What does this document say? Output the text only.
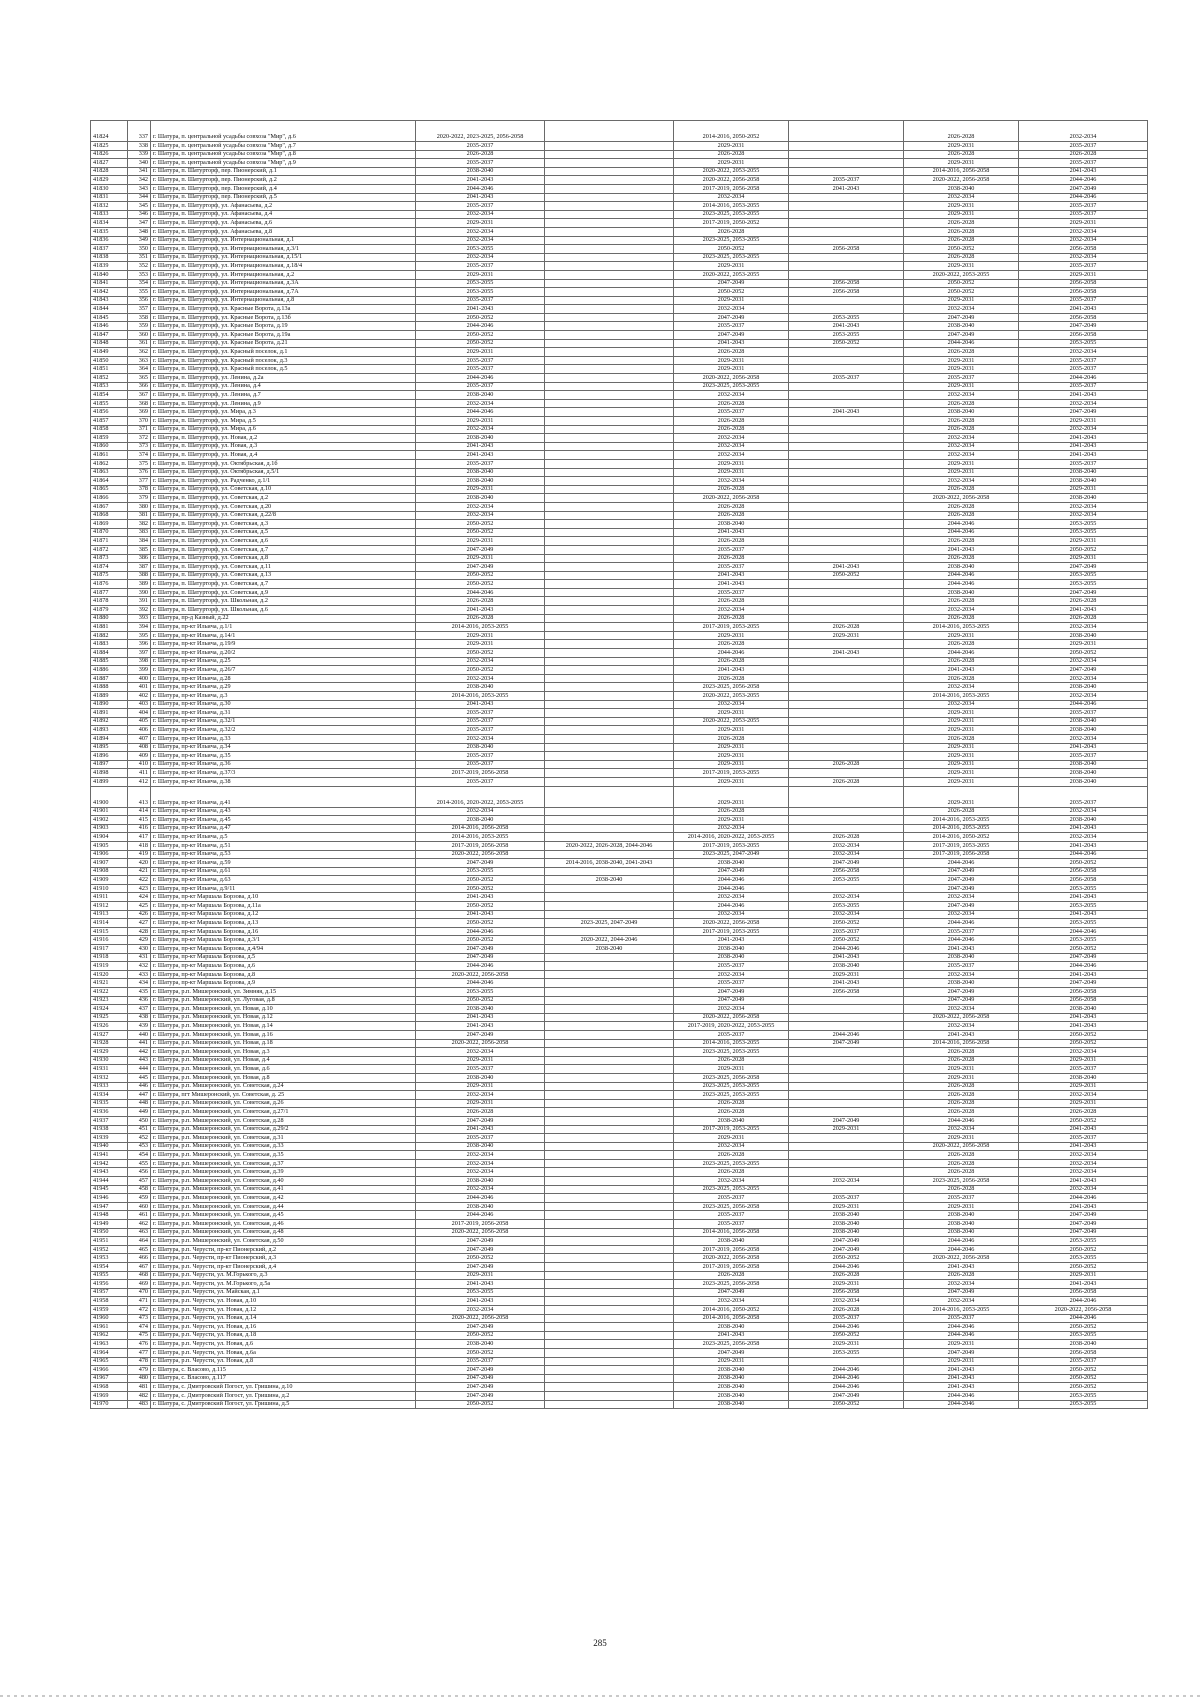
41824	337	г. Шатура, п. центральной усадьбы совхоза "Мир", д.6	2020-2022, 2023-2025, 2056-2058		2014-2016, 2050-2052		2026-2028	2032-2034
41825	338	г. Шатура, п. центральной усадьбы совхоза "Мир", д.7	2035-2037		2029-2031		2029-2031	2035-2037
41826	339	г. Шатура, п. центральной усадьбы совхоза "Мир", д.8	2026-2028		2026-2028		2026-2028	2026-2028
41827	340	г. Шатура, п. центральной усадьбы совхоза "Мир", д.9	2035-2037		2029-2031		2029-2031	2035-2037
41828	341	г. Шатура, п. Шатурторф, пер. Пионерский, д.1	2038-2040		2020-2022, 2053-2055		2014-2016, 2056-2058	2041-2043
41829	342	г. Шатура, п. Шатурторф, пер. Пионерский, д.2	2041-2043		2020-2022, 2056-2058	2035-2037	2020-2022, 2056-2058	2044-2046
41830	343	г. Шатура, п. Шатурторф, пер. Пионерский, д.4	2044-2046		2017-2019, 2056-2058	2041-2043	2038-2040	2047-2049
41831	344	г. Шатура, п. Шатурторф, пер. Пионерский, д.5	2041-2043		2032-2034		2032-2034	2044-2046
41832	345	г. Шатура, п. Шатурторф, ул. Афанасьева, д.2	2035-2037		2014-2016, 2053-2055		2029-2031	2035-2037
41833	346	г. Шатура, п. Шатурторф, ул. Афанасьева, д.4	2032-2034		2023-2025, 2053-2055		2029-2031	2035-2037
41834	347	г. Шатура, п. Шатурторф, ул. Афанасьева, д.6	2029-2031		2017-2019, 2050-2052		2026-2028	2029-2031
41835	348	г. Шатура, п. Шатурторф, ул. Афанасьева, д.8	2032-2034		2026-2028		2026-2028	2032-2034
41836	349	г. Шатура, п. Шатурторф, ул. Интернациональная, д.1	2032-2034		2023-2025, 2053-2055		2026-2028	2032-2034
41837	350	г. Шатура, п. Шатурторф, ул. Интернациональная, д.3/1	2053-2055		2050-2052	2056-2058	2050-2052	2056-2058
41838	351	г. Шатура, п. Шатурторф, ул. Интернациональная, д.15/1	2032-2034		2023-2025, 2053-2055		2026-2028	2032-2034
41839	352	г. Шатура, п. Шатурторф, ул. Интернациональная, д.18/4	2035-2037		2029-2031		2029-2031	2035-2037
41840	353	г. Шатура, п. Шатурторф, ул. Интернациональная, д.2	2029-2031		2020-2022, 2053-2055		2020-2022, 2053-2055	2029-2031
41841	354	г. Шатура, п. Шатурторф, ул. Интернациональная, д.3А	2053-2055		2047-2049	2056-2058	2050-2052	2056-2058
41842	355	г. Шатура, п. Шатурторф, ул. Интернациональная, д.7А	2053-2055		2050-2052	2056-2058	2050-2052	2056-2058
41843	356	г. Шатура, п. Шатурторф, ул. Интернациональная, д.8	2035-2037		2029-2031		2029-2031	2035-2037
41844	357	г. Шатура, п. Шатурторф, ул. Красные Ворота, д.13а	2041-2043		2032-2034		2032-2034	2041-2043
41845	358	г. Шатура, п. Шатурторф, ул. Красные Ворота, д.13б	2050-2052		2047-2049	2053-2055	2047-2049	2056-2058
41846	359	г. Шатура, п. Шатурторф, ул. Красные Ворота, д.19	2044-2046		2035-2037	2041-2043	2038-2040	2047-2049
41847	360	г. Шатура, п. Шатурторф, ул. Красные Ворота, д.19а	2050-2052		2047-2049	2053-2055	2047-2049	2056-2058
41848	361	г. Шатура, п. Шатурторф, ул. Красные Ворота, д.21	2050-2052		2041-2043	2050-2052	2044-2046	2053-2055
41849	362	г. Шатура, п. Шатурторф, ул. Красный поселок, д.1	2029-2031		2026-2028		2026-2028	2032-2034
41850	363	г. Шатура, п. Шатурторф, ул. Красный поселок, д.3	2035-2037		2029-2031		2029-2031	2035-2037
41851	364	г. Шатура, п. Шатурторф, ул. Красный поселок, д.5	2035-2037		2029-2031		2029-2031	2035-2037
41852	365	г. Шатура, п. Шатурторф, ул. Ленина, д.2а	2044-2046		2020-2022, 2056-2058	2035-2037	2035-2037	2044-2046
41853	366	г. Шатура, п. Шатурторф, ул. Ленина, д.4	2035-2037		2023-2025, 2053-2055		2029-2031	2035-2037
41854	367	г. Шатура, п. Шатурторф, ул. Ленина, д.7	2038-2040		2032-2034		2032-2034	2041-2043
41855	368	г. Шатура, п. Шатурторф, ул. Ленина, д.9	2032-2034		2026-2028		2026-2028	2032-2034
41856	369	г. Шатура, п. Шатурторф, ул. Мира, д.3	2044-2046		2035-2037	2041-2043	2038-2040	2047-2049
41857	370	г. Шатура, п. Шатурторф, ул. Мира, д.5	2029-2031		2026-2028		2026-2028	2029-2031
41858	371	г. Шатура, п. Шатурторф, ул. Мира, д.6	2032-2034		2026-2028		2026-2028	2032-2034
41859	372	г. Шатура, п. Шатурторф, ул. Новая, д.2	2038-2040		2032-2034		2032-2034	2041-2043
41860	373	г. Шатура, п. Шатурторф, ул. Новая, д.3	2041-2043		2032-2034		2032-2034	2041-2043
41861	374	г. Шатура, п. Шатурторф, ул. Новая, д.4	2041-2043		2032-2034		2032-2034	2041-2043
41862	375	г. Шатура, п. Шатурторф, ул. Октябрьская, д.1б	2035-2037		2029-2031		2029-2031	2035-2037
41863	376	г. Шатура, п. Шатурторф, ул. Октябрьская, д.5/1	2038-2040		2029-2031		2029-2031	2038-2040
41864	377	г. Шатура, п. Шатурторф, ул. Радченко, д.1/1	2038-2040		2032-2034		2032-2034	2038-2040
41865	378	г. Шатура, п. Шатурторф, ул. Советская, д.10	2029-2031		2026-2028		2026-2028	2029-2031
41866	379	г. Шатура, п. Шатурторф, ул. Советская, д.2	2038-2040		2020-2022, 2056-2058		2020-2022, 2056-2058	2038-2040
41867	380	г. Шатура, п. Шатурторф, ул. Советская, д.20	2032-2034		2026-2028		2026-2028	2032-2034
41868	381	г. Шатура, п. Шатурторф, ул. Советская, д.22/8	2032-2034		2026-2028		2026-2028	2032-2034
41869	382	г. Шатура, п. Шатурторф, ул. Советская, д.3	2050-2052		2038-2040		2044-2046	2053-2055
41870	383	г. Шатура, п. Шатурторф, ул. Советская, д.5	2050-2052		2041-2043		2044-2046	2053-2055
41871	384	г. Шатура, п. Шатурторф, ул. Советская, д.6	2029-2031		2026-2028		2026-2028	2029-2031
41872	385	г. Шатура, п. Шатурторф, ул. Советская, д.7	2047-2049		2035-2037		2041-2043	2050-2052
41873	386	г. Шатура, п. Шатурторф, ул. Советская, д.8	2029-2031		2026-2028		2026-2028	2029-2031
41874	387	г. Шатура, п. Шатурторф, ул. Советская, д.11	2047-2049		2035-2037	2041-2043	2038-2040	2047-2049
41875	388	г. Шатура, п. Шатурторф, ул. Советская, д.13	2050-2052		2041-2043	2050-2052	2044-2046	2053-2055
41876	389	г. Шатура, п. Шатурторф, ул. Советская, д.7	2050-2052		2041-2043		2044-2046	2053-2055
41877	390	г. Шатура, п. Шатурторф, ул. Советская, д.9	2044-2046		2035-2037		2038-2040	2047-2049
41878	391	г. Шатура, п. Шатурторф, ул. Школьная, д.2	2026-2028		2026-2028		2026-2028	2026-2028
41879	392	г. Шатура, п. Шатурторф, ул. Школьная, д.6	2041-2043		2032-2034		2032-2034	2041-2043
41880	393	г. Шатура, пр-д Казный, д.22	2026-2028		2026-2028		2026-2028	2026-2028
41881	394	г. Шатура, пр-кт Ильича, д.1/1	2014-2016, 2053-2055		2017-2019, 2053-2055	2026-2028	2014-2016, 2053-2055	2032-2034
41882	395	г. Шатура, пр-кт Ильича, д.14/1	2029-2031		2029-2031	2029-2031	2029-2031	2038-2040
41883	396	г. Шатура, пр-кт Ильича, д.19/9	2029-2031		2026-2028		2026-2028	2029-2031
41884	397	г. Шатура, пр-кт Ильича, д.20/2	2050-2052		2044-2046	2041-2043	2044-2046	2050-2052
41885	398	г. Шатура, пр-кт Ильича, д.25	2032-2034		2026-2028		2026-2028	2032-2034
41886	399	г. Шатура, пр-кт Ильича, д.26/7	2050-2052		2041-2043		2041-2043	2047-2049
41887	400	г. Шатура, пр-кт Ильича, д.28	2032-2034		2026-2028		2026-2028	2032-2034
41888	401	г. Шатура, пр-кт Ильича, д.29	2038-2040		2023-2025, 2056-2058		2032-2034	2038-2040
41889	402	г. Шатура, пр-кт Ильича, д.3	2014-2016, 2053-2055		2020-2022, 2053-2055		2014-2016, 2053-2055	2032-2034
41890	403	г. Шатура, пр-кт Ильича, д.30	2041-2043		2032-2034		2032-2034	2044-2046
41891	404	г. Шатура, пр-кт Ильича, д.31	2035-2037		2029-2031		2029-2031	2035-2037
41892	405	г. Шатура, пр-кт Ильича, д.32/1	2035-2037		2020-2022, 2053-2055		2029-2031	2038-2040
41893	406	г. Шатура, пр-кт Ильича, д.32/2	2035-2037		2029-2031		2029-2031	2038-2040
41894	407	г. Шатура, пр-кт Ильича, д.33	2032-2034		2026-2028		2026-2028	2032-2034
41895	408	г. Шатура, пр-кт Ильича, д.34	2038-2040		2029-2031		2029-2031	2041-2043
41896	409	г. Шатура, пр-кт Ильича, д.35	2035-2037		2029-2031		2029-2031	2035-2037
41897	410	г. Шатура, пр-кт Ильича, д.36	2035-2037		2029-2031	2026-2028	2029-2031	2038-2040
41898	411	г. Шатура, пр-кт Ильича, д.37/3	2017-2019, 2056-2058		2017-2019, 2053-2055		2029-2031	2038-2040
41899	412	г. Шатура, пр-кт Ильича, д.38	2035-2037		2029-2031	2026-2028	2029-2031	2038-2040
41900	413	г. Шатура, пр-кт Ильича, д.41	2014-2016, 2020-2022, 2053-2055		2029-2031		2029-2031	2035-2037
41901	414	г. Шатура, пр-кт Ильича, д.43	2032-2034		2026-2028		2026-2028	2032-2034
41902	415	г. Шатура, пр-кт Ильича, д.45	2038-2040		2029-2031		2014-2016, 2053-2055	2038-2040
41903	416	г. Шатура, пр-кт Ильича, д.47	2014-2016, 2056-2058		2032-2034		2014-2016, 2053-2055	2041-2043
41904	417	г. Шатура, пр-кт Ильича, д.5	2014-2016, 2053-2055		2014-2016, 2020-2022, 2053-2055	2026-2028	2014-2016, 2050-2052	2032-2034
41905	418	г. Шатура, пр-кт Ильича, д.51	2017-2019, 2056-2058	2020-2022, 2026-2028, 2044-2046	2017-2019, 2053-2055	2032-2034	2017-2019, 2053-2055	2041-2043
41906	419	г. Шатура, пр-кт Ильича, д.53	2020-2022, 2056-2058		2023-2025, 2047-2049	2032-2034	2017-2019, 2056-2058	2044-2046
41907	420	г. Шатура, пр-кт Ильича, д.59	2047-2049	2014-2016, 2038-2040, 2041-2043	2038-2040	2047-2049	2044-2046	2050-2052
41908	421	г. Шатура, пр-кт Ильича, д.61	2053-2055		2047-2049	2056-2058	2047-2049	2056-2058
41909	422	г. Шатура, пр-кт Ильича, д.63	2050-2052	2038-2040	2044-2046	2053-2055	2047-2049	2056-2058
41910	423	г. Шатура, пр-кт Ильича, д.9/11	2050-2052		2044-2046		2047-2049	2053-2055
41911	424	г. Шатура, пр-кт Маршала Борзова, д.10	2041-2043		2032-2034	2032-2034	2032-2034	2041-2043
41912	425	г. Шатура, пр-кт Маршала Борзова, д.11а	2050-2052		2044-2046	2053-2055	2047-2049	2053-2055
41913	426	г. Шатура, пр-кт Маршала Борзова, д.12	2041-2043		2032-2034	2032-2034	2032-2034	2041-2043
41914	427	г. Шатура, пр-кт Маршала Борзова, д.13	2050-2052	2023-2025, 2047-2049	2020-2022, 2056-2058	2050-2052	2044-2046	2053-2055
41915	428	г. Шатура, пр-кт Маршала Борзова, д.16	2044-2046		2017-2019, 2053-2055	2035-2037	2035-2037	2044-2046
41916	429	г. Шатура, пр-кт Маршала Борзова, д.3/1	2050-2052	2020-2022, 2044-2046	2041-2043	2050-2052	2044-2046	2053-2055
41917	430	г. Шатура, пр-кт Маршала Борзова, д.4/94	2047-2049	2038-2040	2038-2040	2044-2046	2041-2043	2050-2052
41918	431	г. Шатура, пр-кт Маршала Борзова, д.5	2047-2049		2038-2040	2041-2043	2038-2040	2047-2049
41919	432	г. Шатура, пр-кт Маршала Борзова, д.6	2044-2046		2035-2037	2038-2040	2035-2037	2044-2046
41920	433	г. Шатура, пр-кт Маршала Борзова, д.8	2020-2022, 2056-2058		2032-2034	2029-2031	2032-2034	2041-2043
41921	434	г. Шатура, пр-кт Маршала Борзова, д.9	2044-2046		2035-2037	2041-2043	2038-2040	2047-2049
41922	435	г. Шатура, р.п. Мишеронский, ул. Зимняя, д.15	2053-2055		2047-2049	2056-2058	2047-2049	2056-2058
41923	436	г. Шатура, р.п. Мишеронский, ул. Луговая, д.8	2050-2052		2047-2049		2047-2049	2056-2058
41924	437	г. Шатура, р.п. Мишеронский, ул. Новая, д.10	2038-2040		2032-2034		2032-2034	2038-2040
41925	438	г. Шатура, р.п. Мишеронский, ул. Новая, д.12	2041-2043		2020-2022, 2056-2058		2020-2022, 2056-2058	2041-2043
41926	439	г. Шатура, р.п. Мишеронский, ул. Новая, д.14	2041-2043		2017-2019, 2020-2022, 2053-2055		2032-2034	2041-2043
41927	440	г. Шатура, р.п. Мишеронский, ул. Новая, д.16	2047-2049		2035-2037	2044-2046	2041-2043	2050-2052
41928	441	г. Шатура, р.п. Мишеронский, ул. Новая, д.18	2020-2022, 2056-2058		2014-2016, 2053-2055	2047-2049	2014-2016, 2056-2058	2050-2052
41929	442	г. Шатура, р.п. Мишеронский, ул. Новая, д.3	2032-2034		2023-2025, 2053-2055		2026-2028	2032-2034
41930	443	г. Шатура, р.п. Мишеронский, ул. Новая, д.4	2029-2031		2026-2028		2026-2028	2029-2031
41931	444	г. Шатура, р.п. Мишеронский, ул. Новая, д.6	2035-2037		2029-2031		2029-2031	2035-2037
41932	445	г. Шатура, р.п. Мишеронский, ул. Новая, д.8	2038-2040		2023-2025, 2056-2058		2029-2031	2038-2040
41933	446	г. Шатура, р.п. Мишеронский, ул. Советская, д.24	2029-2031		2023-2025, 2053-2055		2026-2028	2029-2031
41934	447	г. Шатура, пгт Мишеронский, ул. Советская, д. 25	2032-2034		2023-2025, 2053-2055		2026-2028	2032-2034
41935	448	г. Шатура, р.п. Мишеронский, ул. Советская, д.26	2029-2031		2026-2028		2026-2028	2029-2031
41936	449	г. Шатура, р.п. Мишеронский, ул. Советская, д.27/1	2026-2028		2026-2028		2026-2028	2026-2028
41937	450	г. Шатура, р.п. Мишеронский, ул. Советская, д.28	2047-2049		2038-2040	2047-2049	2044-2046	2050-2052
41938	451	г. Шатура, р.п. Мишеронский, ул. Советская, д.29/2	2041-2043		2017-2019, 2053-2055	2029-2031	2032-2034	2041-2043
41939	452	г. Шатура, р.п. Мишеронский, ул. Советская, д.31	2035-2037		2029-2031		2029-2031	2035-2037
41940	453	г. Шатура, р.п. Мишеронский, ул. Советская, д.33	2038-2040		2032-2034		2020-2022, 2056-2058	2041-2043
41941	454	г. Шатура, р.п. Мишеронский, ул. Советская, д.35	2032-2034		2026-2028		2026-2028	2032-2034
41942	455	г. Шатура, р.п. Мишеронский, ул. Советская, д.37	2032-2034		2023-2025, 2053-2055		2026-2028	2032-2034
41943	456	г. Шатура, р.п. Мишеронский, ул. Советская, д.39	2032-2034		2026-2028		2026-2028	2032-2034
41944	457	г. Шатура, р.п. Мишеронский, ул. Советская, д.40	2038-2040		2032-2034	2032-2034	2023-2025, 2056-2058	2041-2043
41945	458	г. Шатура, р.п. Мишеронский, ул. Советская, д.41	2032-2034		2023-2025, 2053-2055		2026-2028	2032-2034
41946	459	г. Шатура, р.п. Мишеронский, ул. Советская, д.42	2044-2046		2035-2037	2035-2037	2035-2037	2044-2046
41947	460	г. Шатура, р.п. Мишеронский, ул. Советская, д.44	2038-2040		2023-2025, 2056-2058	2029-2031	2029-2031	2041-2043
41948	461	г. Шатура, р.п. Мишеронский, ул. Советская, д.45	2044-2046		2035-2037	2038-2040	2038-2040	2047-2049
41949	462	г. Шатура, р.п. Мишеронский, ул. Советская, д.46	2017-2019, 2056-2058		2035-2037	2038-2040	2038-2040	2047-2049
41950	463	г. Шатура, р.п. Мишеронский, ул. Советская, д.48	2020-2022, 2056-2058		2014-2016, 2056-2058	2038-2040	2038-2040	2047-2049
41951	464	г. Шатура, р.п. Мишеронский, ул. Советская, д.50	2047-2049		2038-2040	2047-2049	2044-2046	2053-2055
41952	465	г. Шатура, р.п. Черусти, пр-кт Пионерский, д.2	2047-2049		2017-2019, 2056-2058	2047-2049	2044-2046	2050-2052
41953	466	г. Шатура, р.п. Черусти, пр-кт Пионерский, д.3	2050-2052		2020-2022, 2056-2058	2050-2052	2020-2022, 2056-2058	2053-2055
41954	467	г. Шатура, р.п. Черусти, пр-кт Пионерский, д.4	2047-2049		2017-2019, 2056-2058	2044-2046	2041-2043	2050-2052
41955	468	г. Шатура, р.п. Черусти, ул. М.Горького, д.3	2029-2031		2026-2028	2026-2028	2026-2028	2029-2031
41956	469	г. Шатура, р.п. Черусти, ул. М.Горького, д.5а	2041-2043		2023-2025, 2056-2058	2029-2031	2032-2034	2041-2043
41957	470	г. Шатура, р.п. Черусти, ул. Майская, д.1	2053-2055		2047-2049	2056-2058	2047-2049	2056-2058
41958	471	г. Шатура, р.п. Черусти, ул. Новая, д.10	2041-2043		2032-2034	2032-2034	2032-2034	2044-2046
41959	472	г. Шатура, р.п. Черусти, ул. Новая, д.12	2032-2034		2014-2016, 2050-2052	2026-2028	2014-2016, 2053-2055	2020-2022, 2056-2058
41960	473	г. Шатура, р.п. Черусти, ул. Новая, д.14	2020-2022, 2056-2058		2014-2016, 2056-2058	2035-2037	2035-2037	2044-2046
41961	474	г. Шатура, р.п. Черусти, ул. Новая, д.16	2047-2049		2038-2040	2044-2046	2044-2046	2050-2052
41962	475	г. Шатура, р.п. Черусти, ул. Новая, д.18	2050-2052		2041-2043	2050-2052	2044-2046	2053-2055
41963	476	г. Шатура, р.п. Черусти, ул. Новая, д.6	2038-2040		2023-2025, 2056-2058	2029-2031	2029-2031	2038-2040
41964	477	г. Шатура, р.п. Черусти, ул. Новая, д.6а	2050-2052		2047-2049	2053-2055	2047-2049	2056-2058
41965	478	г. Шатура, р.п. Черусти, ул. Новая, д.8	2035-2037		2029-2031		2029-2031	2035-2037
41966	479	г. Шатура, с. Власово, д.115	2047-2049		2038-2040	2044-2046	2041-2043	2050-2052
41967	480	г. Шатура, с. Власово, д.117	2047-2049		2038-2040	2044-2046	2041-2043	2050-2052
41968	481	г. Шатура, с. Дмитровский Погост, ул. Гришина, д.10	2047-2049		2038-2040	2044-2046	2041-2043	2050-2052
41969	482	г. Шатура, с. Дмитровский Погост, ул. Гришина, д.2	2047-2049		2038-2040	2047-2049	2044-2046	2053-2055
41970	483	г. Шатура, с. Дмитровский Погост, ул. Гришина, д.5	2050-2052		2038-2040	2050-2052	2044-2046	2053-2055
285
